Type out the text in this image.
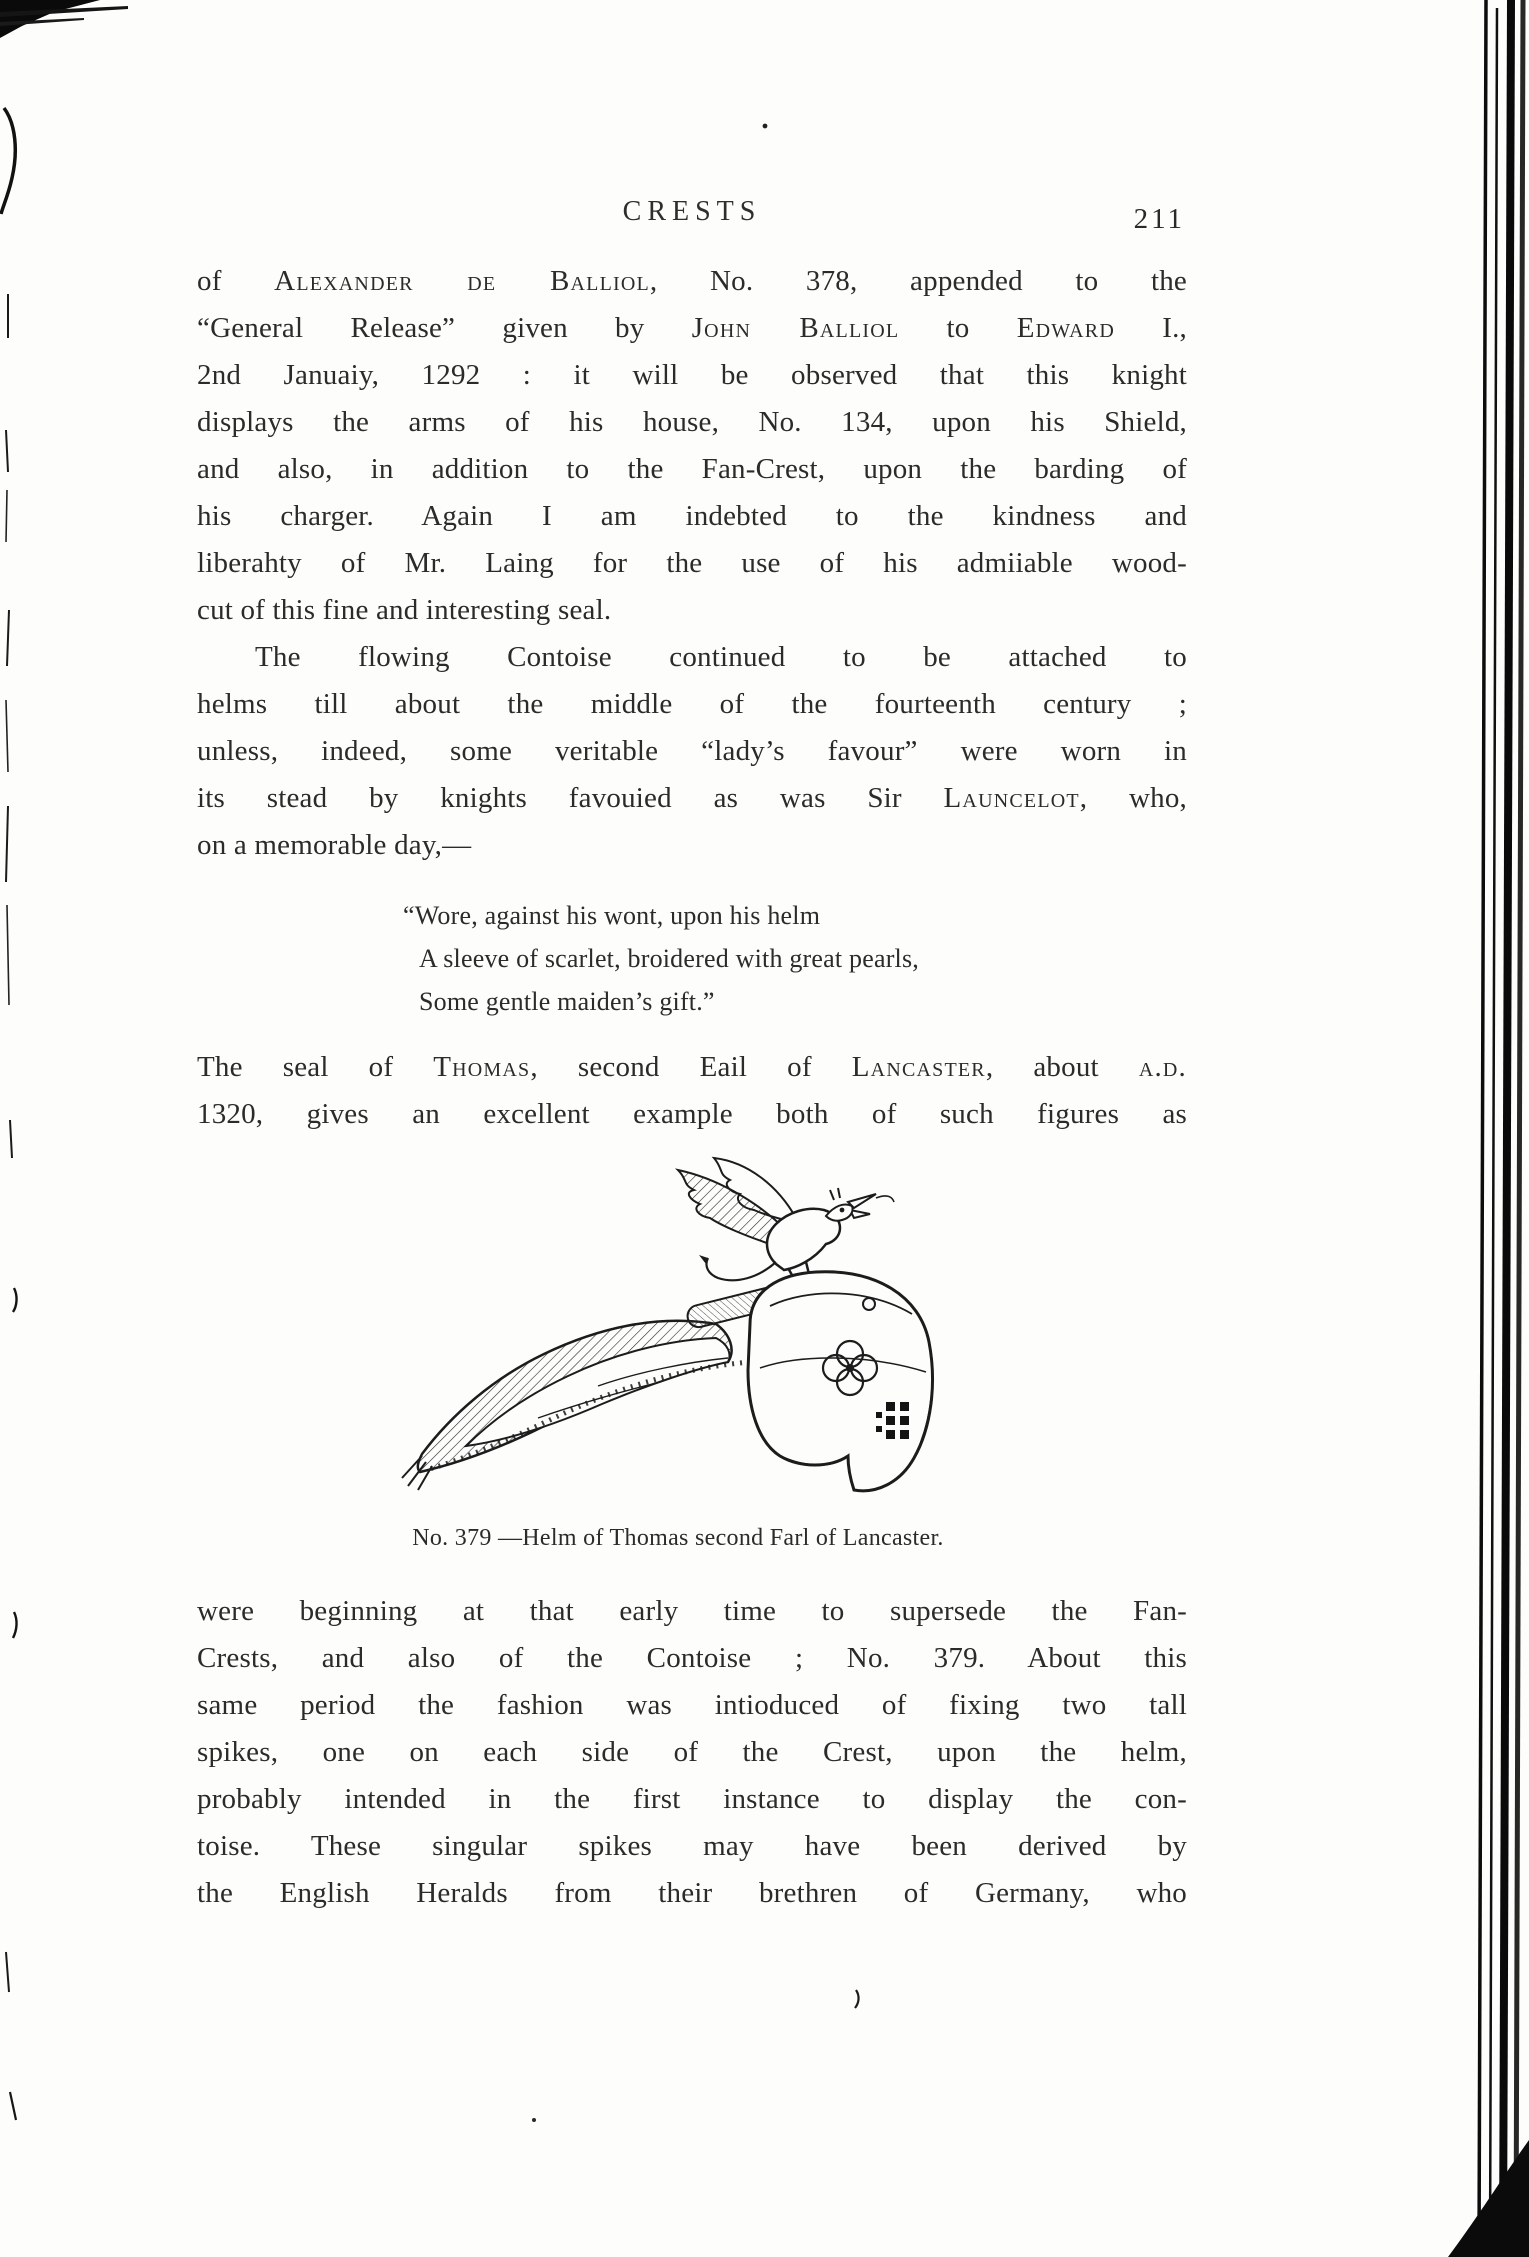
CRESTS	211

of Alexander de Balliol, No. 378, appended to the

“General Release” given by John Balliol to Edward I.,

2nd Januaiy, 1292 : it will be observed that this knight

displays the arms of his house, No. 134, upon his Shield,

and also, in addition to the Fan-Crest, upon the barding of

his charger. Again I am indebted to the kindness and

liberahty of Mr. Laing for the use of his admiiable wood-

cut of this fine and interesting seal.

The flowing Contoise continued to be attached to

helms till about the middle of the fourteenth century ;

unless, indeed, some veritable “lady’s favour” were worn in

its stead by knights favouied as was Sir Launcelot, who,

on a memorable day,—

“Wore, against his wont, upon his helm

A sleeve of scarlet, broidered with great pearls,

Some gentle maiden’s gift.”

The seal of Thomas, second Eail of Lancaster, about a.d.

1320, gives an excellent example both of such figures as

No. 379 —Helm of Thomas second Farl of Lancaster.

were beginning at that early time to supersede the Fan-

Crests, and also of the Contoise ; No. 379. About this

same period the fashion was intioduced of fixing two tall

spikes, one on each side of the Crest, upon the helm,

probably intended in the first instance to display the con-

toise. These singular spikes may have been derived by

the English Heralds from their brethren of Germany, who
